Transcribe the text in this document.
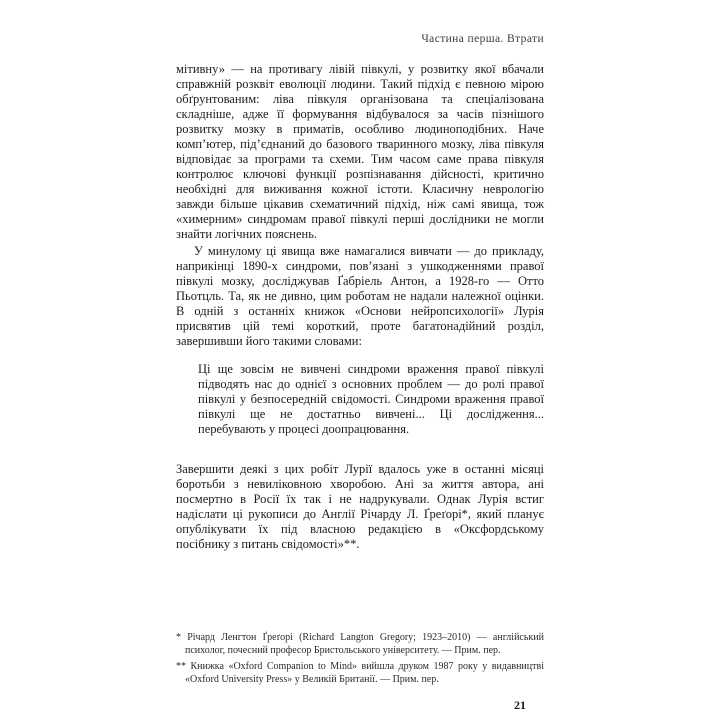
Частина перша. Втрати

мітивну» — на противагу лівій півкулі, у розвитку якої вбачали справжній розквіт еволюції людини. Такий підхід є певною мірою обґрунтованим: ліва півкуля організована та спеціалізована складніше, адже її формування відбувалося за часів пізнішого розвитку мозку в приматів, особливо людиноподібних. Наче комп’ютер, під’єднаний до базового тваринного мозку, ліва півкуля відповідає за програми та схеми. Тим часом саме права півкуля контролює ключові функції розпізнавання дійсності, критично необхідні для виживання кожної істоти. Класичну неврологію завжди більше цікавив схематичний підхід, ніж самі явища, тож «химерним» синдромам правої півкулі перші дослідники не могли знайти логічних пояснень.

У минулому ці явища вже намагалися вивчати — до прикладу, наприкінці 1890-х синдроми, пов’язані з ушкодженнями правої півкулі мозку, досліджував Ґабріель Антон, а 1928-го — Отто Пьотцль. Та, як не дивно, цим роботам не надали належної оцінки. В одній з останніх книжок «Основи нейропсихології» Лурія присвятив цій темі короткий, проте багатонадійний розділ, завершивши його такими словами:

Ці ще зовсім не вивчені синдроми враження правої півкулі підводять нас до однієї з основних проблем — до ролі правої півкулі у безпосередній свідомості. Синдроми враження правої півкулі ще не достатньо вивчені... Ці дослідження... перебувають у процесі доопрацювання.

Завершити деякі з цих робіт Лурії вдалось уже в останні місяці боротьби з невиліковною хворобою. Ані за життя автора, ані посмертно в Росії їх так і не надрукували. Однак Лурія встиг надіслати ці рукописи до Англії Річарду Л. Ґреґорі*, який планує опублікувати їх під власною редакцією в «Оксфордському посібнику з питань свідомості»**.

* Річард Ленгтон Ґреґорі (Richard Langton Gregory; 1923–2010) — англійський психолог, почесний професор Бристольського університету. — Прим. пер.

** Книжка «Oxford Companion to Mind» вийшла друком 1987 року у видавництві «Oxford University Press» у Великій Британії. — Прим. пер.

21
